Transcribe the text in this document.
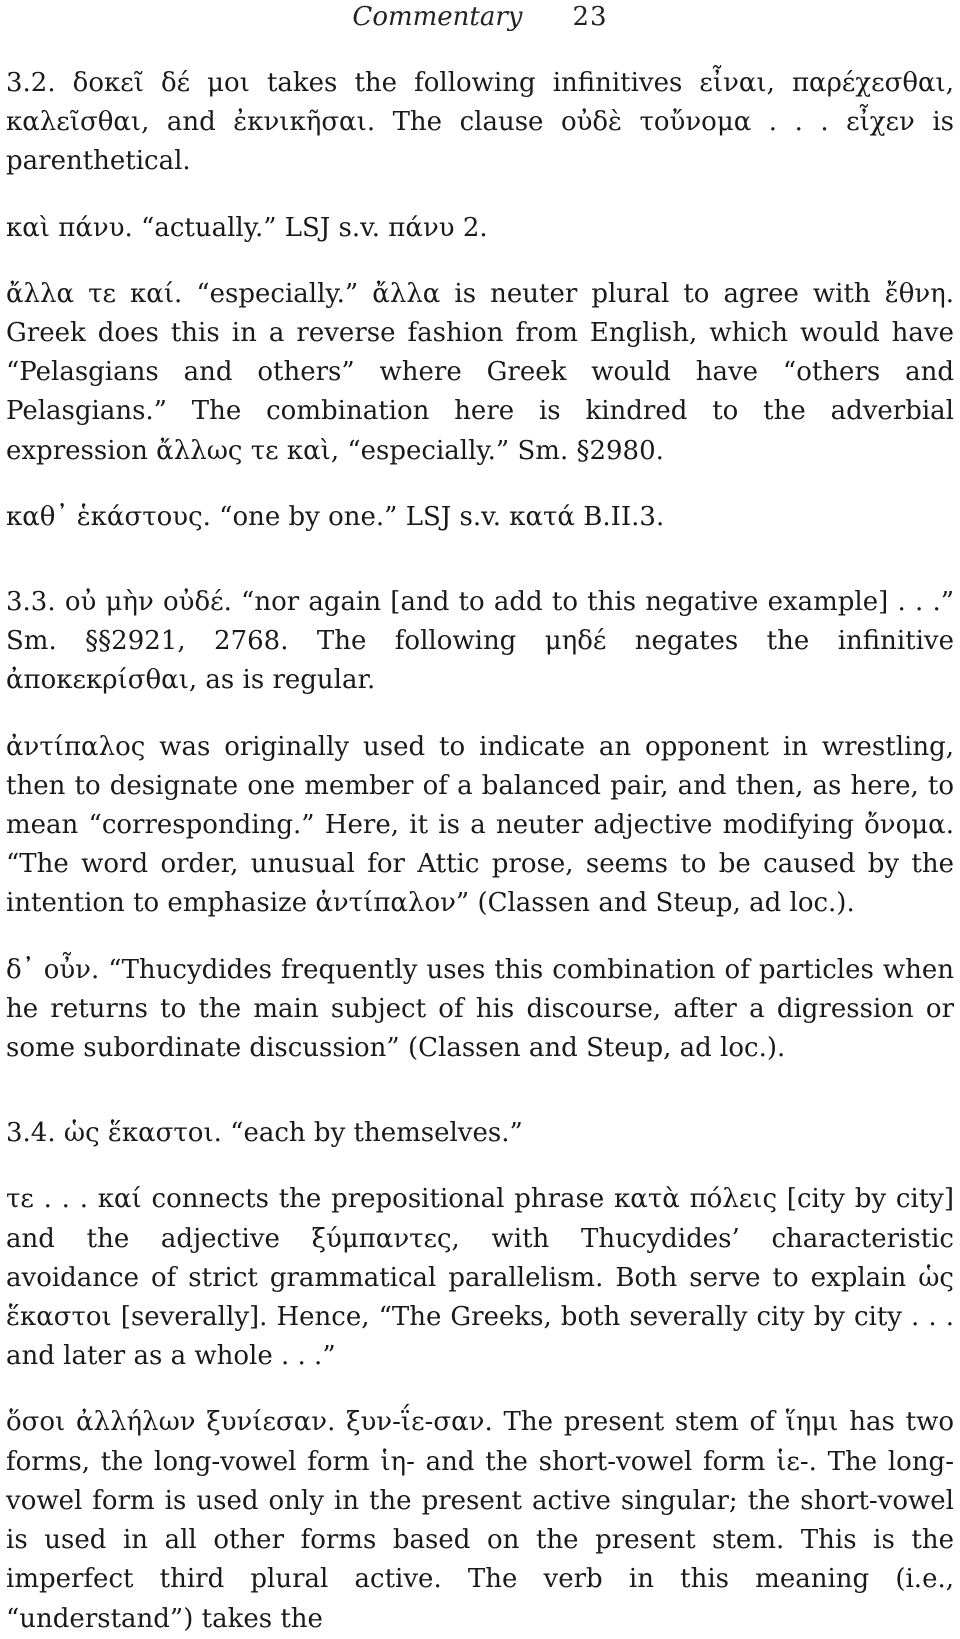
Commentary 23

3.2. δοκεῖ δέ μοι takes the following infinitives εἶναι, παρέχεσθαι, καλεῖσθαι, and ἐκνικῆσαι. The clause οὐδὲ τοὔνομα . . . εἶχεν is parenthetical.

καὶ πάνυ. “actually.” LSJ s.v. πάνυ 2.

ἄλλα τε καί. “especially.” ἄλλα is neuter plural to agree with ἔθνη. Greek does this in a reverse fashion from English, which would have “Pelasgians and others” where Greek would have “others and Pelasgians.” The combination here is kindred to the adverbial expression ἄλλως τε καὶ, “especially.” Sm. §2980.

καθ᾽ ἑκάστους. “one by one.” LSJ s.v. κατά B.II.3.

3.3. οὐ μὴν οὐδέ. “nor again [and to add to this negative example] . . .” Sm. §§2921, 2768. The following μηδέ negates the infinitive ἀποκεκρίσθαι, as is regular.

ἀντίπαλος was originally used to indicate an opponent in wrestling, then to designate one member of a balanced pair, and then, as here, to mean “corresponding.” Here, it is a neuter adjective modifying ὄνομα. “The word order, unusual for Attic prose, seems to be caused by the intention to emphasize ἀντίπαλον” (Classen and Steup, ad loc.).

δ᾽ οὖν. “Thucydides frequently uses this combination of particles when he returns to the main subject of his discourse, after a digression or some subordinate discussion” (Classen and Steup, ad loc.).

3.4. ὡς ἕκαστοι. “each by themselves.”

τε . . . καί connects the prepositional phrase κατὰ πόλεις [city by city] and the adjective ξύμπαντες, with Thucydides’ characteristic avoidance of strict grammatical parallelism. Both serve to explain ὡς ἕκαστοι [severally]. Hence, “The Greeks, both severally city by city . . . and later as a whole . . .”

ὅσοι ἀλλήλων ξυνίεσαν. ξυν-ΐε-σαν. The present stem of ἵημι has two forms, the long-vowel form ἱη- and the short-vowel form ἱε-. The long-vowel form is used only in the present active singular; the short-vowel is used in all other forms based on the present stem. This is the imperfect third plural active. The verb in this meaning (i.e., “understand”) takes the
